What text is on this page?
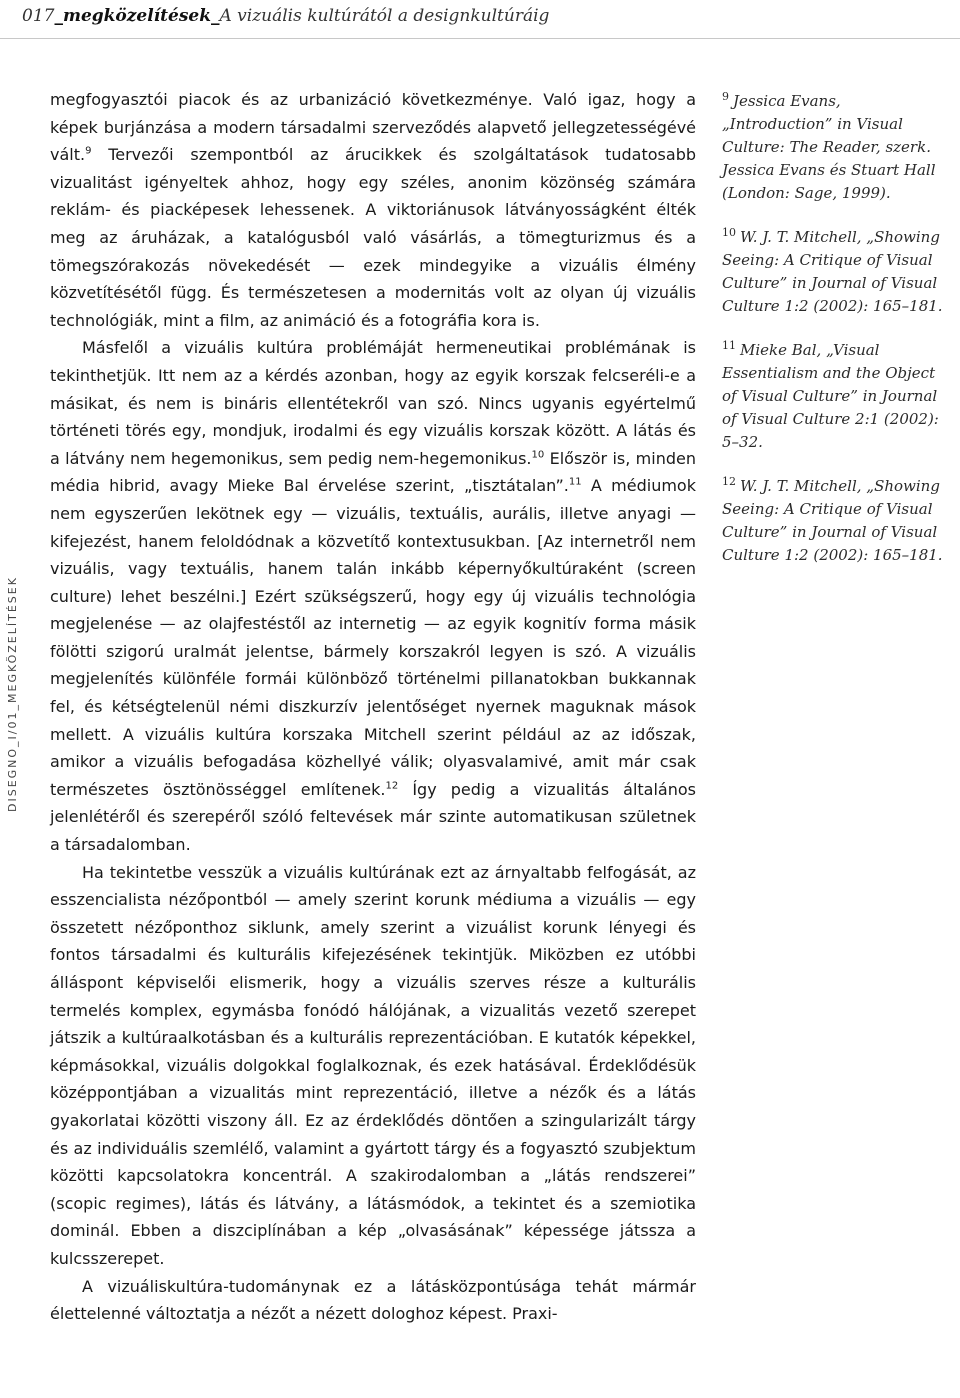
017_megközelítések_A vizuális kultúrától a designkultúráig
DISEGNO_I/01_MEGKÖZELÍTÉSEK

megfogyasztói piacok és az urbanizáció következménye. Való igaz, hogy a képek burjánzása a modern társadalmi szerveződés alapvető jellegzetességévé vált.$^9$ Tervezői szempontból az árucikkek és szolgáltatások tudatosabb vizualitást igényeltek ahhoz, hogy egy széles, anonim közönség számára reklám- és piacképesek lehessenek. A viktoriánusok látványosságként élték meg az áruházak, a katalógusból való vásárlás, a tömegturizmus és a tömegszórakozás növekedését — ezek mindegyike a vizuális élmény közvetítésétől függ. És természetesen a modernitás volt az olyan új vizuális technológiák, mint a film, az animáció és a fotográfia kora is.

Másfelől a vizuális kultúra problémáját hermeneutikai problémának is tekinthetjük. Itt nem az a kérdés azonban, hogy az egyik korszak felcseréli-e a másikat, és nem is bináris ellentétekről van szó. Nincs ugyanis egyértelmű történeti törés egy, mondjuk, irodalmi és egy vizuális korszak között. A látás és a látvány nem hegemonikus, sem pedig nem-hegemonikus.$^{10}$ Először is, minden média hibrid, avagy Mieke Bal érvelése szerint, „tisztátalan”.$^{11}$ A médiumok nem egyszerűen lekötnek egy — vizuális, textuális, aurális, illetve anyagi — kifejezést, hanem feloldódnak a közvetítő kontextusukban. [Az internetről nem vizuális, vagy textuális, hanem talán inkább képernyőkultúraként (screen culture) lehet beszélni.] Ezért szükségszerű, hogy egy új vizuális technológia megjelenése — az olajfestéstől az internetig — az egyik kognitív forma másik fölötti szigorú uralmát jelentse, bármely korszakról legyen is szó. A vizuális megjelenítés különféle formái különböző történelmi pillanatokban bukkannak fel, és kétségtelenül némi diszkurzív jelentőséget nyernek maguknak mások mellett. A vizuális kultúra korszaka Mitchell szerint például az az időszak, amikor a vizuális befogadása közhellyé válik; olyasvalamivé, amit már csak természetes ösztönösséggel említenek.$^{12}$ Így pedig a vizualitás általános jelenlétéről és szerepéről szóló feltevések már szinte automatikusan születnek a társadalomban.

Ha tekintetbe vesszük a vizuális kultúrának ezt az árnyaltabb felfogását, az esszencialista nézőpontból — amely szerint korunk médiuma a vizuális — egy összetett nézőponthoz siklunk, amely szerint a vizuálist korunk lényegi és fontos társadalmi és kulturális kifejezésének tekintjük. Miközben ez utóbbi álláspont képviselői elismerik, hogy a vizuális szerves része a kulturális termelés komplex, egymásba fonódó hálójának, a vizualitás vezető szerepet játszik a kultúraalkotásban és a kulturális reprezentációban. E kutatók képekkel, képmásokkal, vizuális dolgokkal foglalkoznak, és ezek hatásával. Érdeklődésük középpontjában a vizualitás mint reprezentáció, illetve a nézők és a látás gyakorlatai közötti viszony áll. Ez az érdeklődés döntően a szingularizált tárgy és az individuális szemlélő, valamint a gyártott tárgy és a fogyasztó szubjektum közötti kapcsolatokra koncentrál. A szakirodalomban a „látás rendszerei” (scopic regimes), látás és látvány, a látásmódok, a tekintet és a szemiotika dominál. Ebben a diszciplínában a kép „olvasásának” képessége játssza a kulcsszerepet.

A vizuáliskultúra-tudománynak ez a látásközpontúsága tehát mármár élettelenné változtatja a nézőt a nézett dologhoz képest. Praxi-

$^9$ Jessica Evans, „Introduction” in Visual Culture: The Reader, szerk. Jessica Evans és Stuart Hall (London: Sage, 1999).
$^{10}$ W. J. T. Mitchell, „Showing Seeing: A Critique of Visual Culture” in Journal of Visual Culture 1:2 (2002): 165–181.
$^{11}$ Mieke Bal, „Visual Essentialism and the Object of Visual Culture” in Journal of Visual Culture 2:1 (2002): 5–32.
$^{12}$ W. J. T. Mitchell, „Showing Seeing: A Critique of Visual Culture” in Journal of Visual Culture 1:2 (2002): 165–181.
